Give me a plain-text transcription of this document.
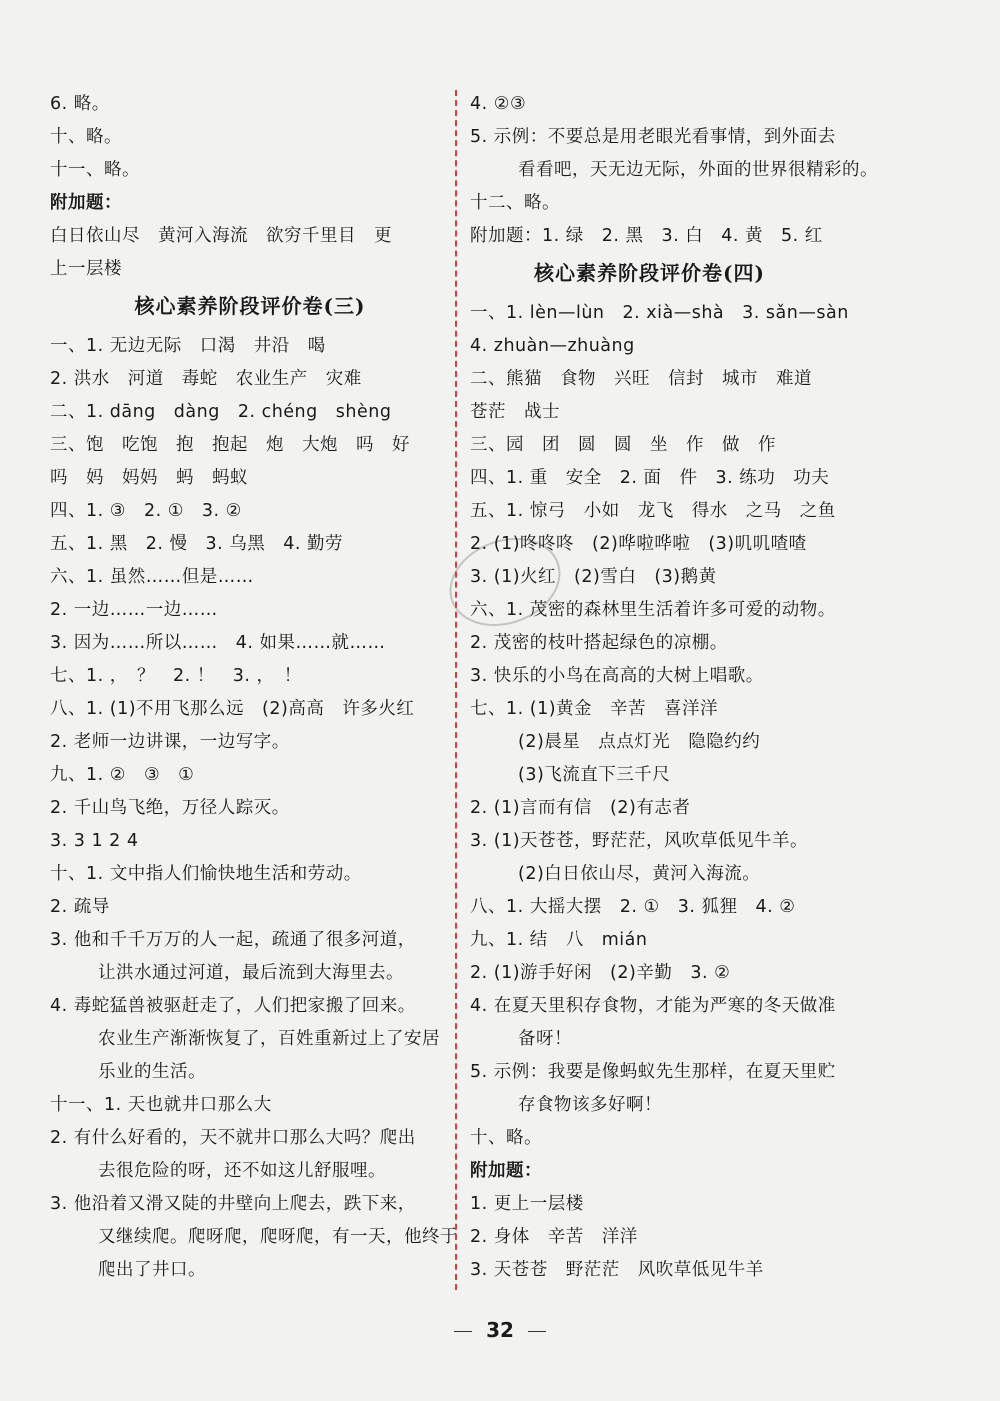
6. 略。
十、略。
十一、略。
附加题：
白日依山尽　黄河入海流　欲穷千里目　更
上一层楼
核心素养阶段评价卷(三)
一、1. 无边无际　口渴　井沿　喝
2. 洪水　河道　毒蛇　农业生产　灾难
二、1. dāng　dàng　2. chéng　shèng
三、饱　吃饱　抱　抱起　炮　大炮　吗　好
吗　妈　妈妈　蚂　蚂蚁
四、1. ③　2. ①　3. ②
五、1. 黑　2. 慢　3. 乌黑　4. 勤劳
六、1. 虽然……但是……
2. 一边……一边……
3. 因为……所以……　4. 如果……就……
七、1. ，　？　2. ！　3. ，　！
八、1. (1)不用飞那么远　(2)高高　许多火红
2. 老师一边讲课，一边写字。
九、1. ②　③　①
2. 千山鸟飞绝，万径人踪灭。
3. 3 1 2 4
十、1. 文中指人们愉快地生活和劳动。
2. 疏导
3. 他和千千万万的人一起，疏通了很多河道，
让洪水通过河道，最后流到大海里去。
4. 毒蛇猛兽被驱赶走了，人们把家搬了回来。
农业生产渐渐恢复了，百姓重新过上了安居
乐业的生活。
十一、1. 天也就井口那么大
2. 有什么好看的，天不就井口那么大吗？爬出
去很危险的呀，还不如这儿舒服哩。
3. 他沿着又滑又陡的井壁向上爬去，跌下来，
又继续爬。爬呀爬，爬呀爬，有一天，他终于
爬出了井口。
4. ②③
5. 示例：不要总是用老眼光看事情，到外面去
看看吧，天无边无际，外面的世界很精彩的。
十二、略。
附加题：1. 绿　2. 黑　3. 白　4. 黄　5. 红
核心素养阶段评价卷(四)
一、1. lèn—lùn　2. xià—shà　3. sǎn—sàn
4. zhuàn—zhuàng
二、熊猫　食物　兴旺　信封　城市　难道
苍茫　战士
三、园　团　圆　圆　坐　作　做　作
四、1. 重　安全　2. 面　件　3. 练功　功夫
五、1. 惊弓　小如　龙飞　得水　之马　之鱼
2. (1)咚咚咚　(2)哗啦哗啦　(3)叽叽喳喳
3. (1)火红　(2)雪白　(3)鹅黄
六、1. 茂密的森林里生活着许多可爱的动物。
2. 茂密的枝叶搭起绿色的凉棚。
3. 快乐的小鸟在高高的大树上唱歌。
七、1. (1)黄金　辛苦　喜洋洋
(2)晨星　点点灯光　隐隐约约
(3)飞流直下三千尺
2. (1)言而有信　(2)有志者
3. (1)天苍苍，野茫茫，风吹草低见牛羊。
(2)白日依山尽，黄河入海流。
八、1. 大摇大摆　2. ①　3. 狐狸　4. ②
九、1. 结　八　mián
2. (1)游手好闲　(2)辛勤　3. ②
4. 在夏天里积存食物，才能为严寒的冬天做准
备呀！
5. 示例：我要是像蚂蚁先生那样，在夏天里贮
存食物该多好啊！
十、略。
附加题：
1. 更上一层楼
2. 身体　辛苦　洋洋
3. 天苍苍　野茫茫　风吹草低见牛羊
32
